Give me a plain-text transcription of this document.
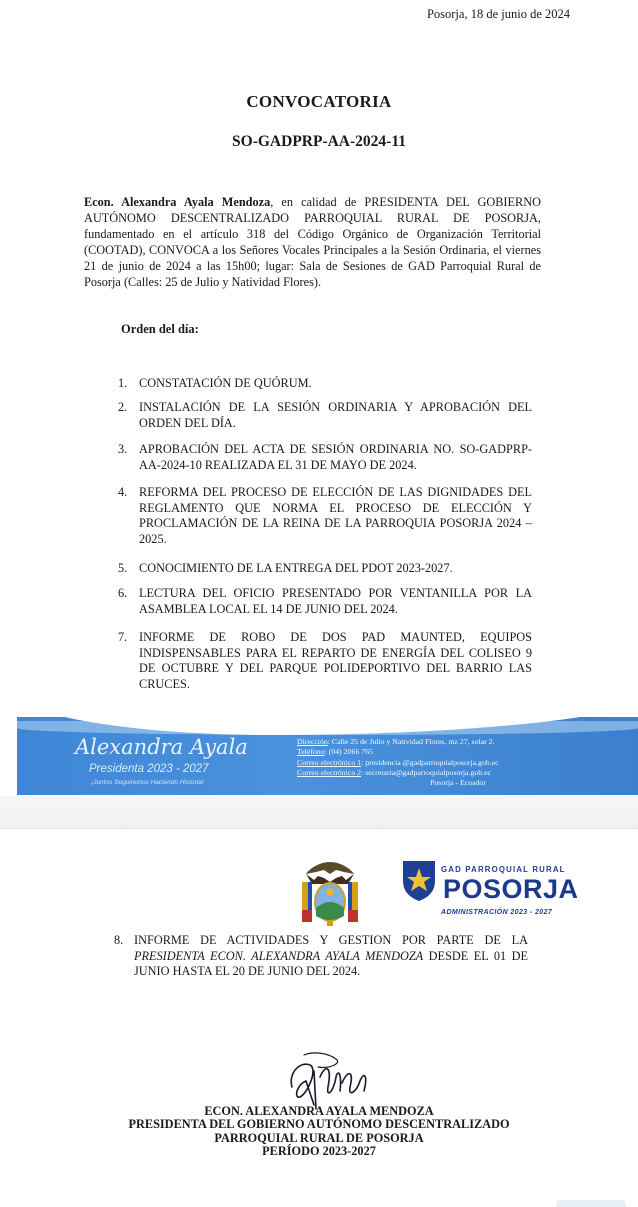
Posorja, 18 de junio de 2024
CONVOCATORIA
SO-GADPRP-AA-2024-11
Econ. Alexandra Ayala Mendoza, en calidad de PRESIDENTA DEL GOBIERNO AUTÓNOMO DESCENTRALIZADO PARROQUIAL RURAL DE POSORJA, fundamentado en el artículo 318 del Código Orgánico de Organización Territorial (COOTAD), CONVOCA a los Señores Vocales Principales a la Sesión Ordinaria, el viernes 21 de junio de 2024 a las 15h00; lugar: Sala de Sesiones de GAD Parroquial Rural de Posorja (Calles: 25 de Julio y Natividad Flores).
Orden del día:
1. CONSTATACIÓN DE QUÓRUM.
2. INSTALACIÓN DE LA SESIÓN ORDINARIA Y APROBACIÓN DEL ORDEN DEL DÍA.
3. APROBACIÓN DEL ACTA DE SESIÓN ORDINARIA NO. SO-GADPRP- AA-2024-10 REALIZADA EL 31 DE MAYO DE 2024.
4. REFORMA DEL PROCESO DE ELECCIÓN DE LAS DIGNIDADES DEL REGLAMENTO QUE NORMA EL PROCESO DE ELECCIÓN Y PROCLAMACIÓN DE LA REINA DE LA PARROQUIA POSORJA 2024 – 2025.
5. CONOCIMIENTO DE LA ENTREGA DEL PDOT 2023-2027.
6. LECTURA DEL OFICIO PRESENTADO POR VENTANILLA POR LA ASAMBLEA LOCAL EL 14 DE JUNIO DEL 2024.
7. INFORME DE ROBO DE DOS PAD MAUNTED, EQUIPOS INDISPENSABLES PARA EL REPARTO DE ENERGÍA DEL COLISEO 9 DE OCTUBRE Y DEL PARQUE POLIDEPORTIVO DEL BARRIO LAS CRUCES.
Alexandra Ayala
Presidenta 2023 - 2027
¡Juntos Seguiremos Haciendo Historia!
Dirección: Calle 25 de Julio y Natividad Flores, mz 27, solar 2.
Teléfono: (04) 2066 765
Correo electrónico 1: presidencia @gadparroquialposorja.gob.ec
Correo electrónico 2: secretaria@gadparroquialposorja.gob.ec
Posorja - Ecuador
GAD PARROQUIAL RURAL
POSORJA
ADMINISTRACIÓN 2023 - 2027
8. INFORME DE ACTIVIDADES Y GESTION POR PARTE DE LA PRESIDENTA ECON. ALEXANDRA AYALA MENDOZA DESDE EL 01 DE JUNIO HASTA EL 20 DE JUNIO DEL 2024.
ECON. ALEXANDRA AYALA MENDOZA
PRESIDENTA DEL GOBIERNO AUTÓNOMO DESCENTRALIZADO
PARROQUIAL RURAL DE POSORJA
PERÍODO 2023-2027
